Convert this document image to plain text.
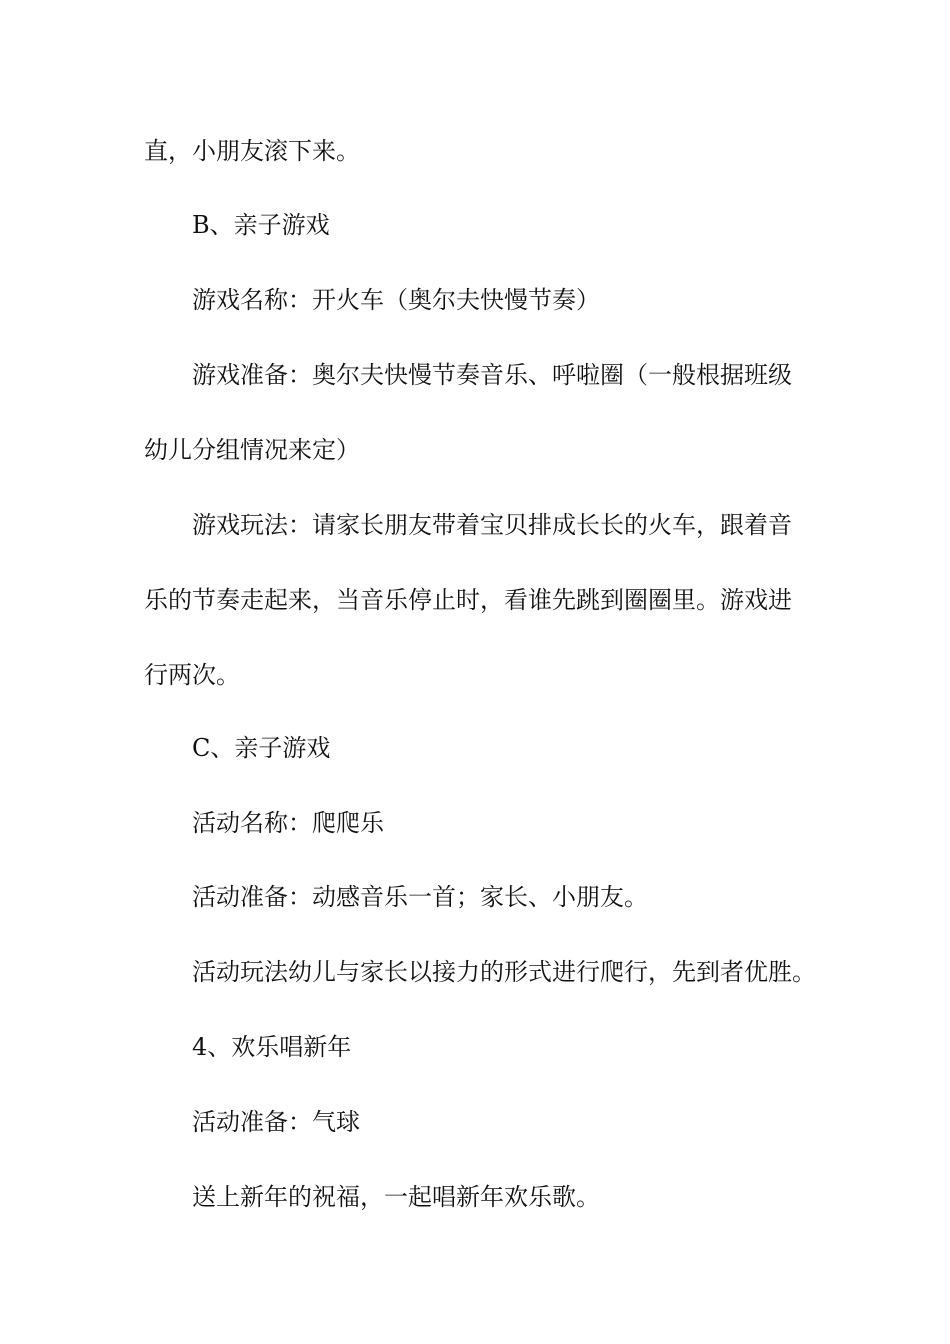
直，小朋友滚下来。
B、亲子游戏
游戏名称：开火车（奥尔夫快慢节奏）
游戏准备：奥尔夫快慢节奏音乐、呼啦圈（一般根据班级
幼儿分组情况来定）
游戏玩法：请家长朋友带着宝贝排成长长的火车，跟着音
乐的节奏走起来，当音乐停止时，看谁先跳到圈圈里。游戏进
行两次。
C、亲子游戏
活动名称：爬爬乐
活动准备：动感音乐一首；家长、小朋友。
活动玩法幼儿与家长以接力的形式进行爬行，先到者优胜。
4、欢乐唱新年
活动准备：气球
送上新年的祝福，一起唱新年欢乐歌。
